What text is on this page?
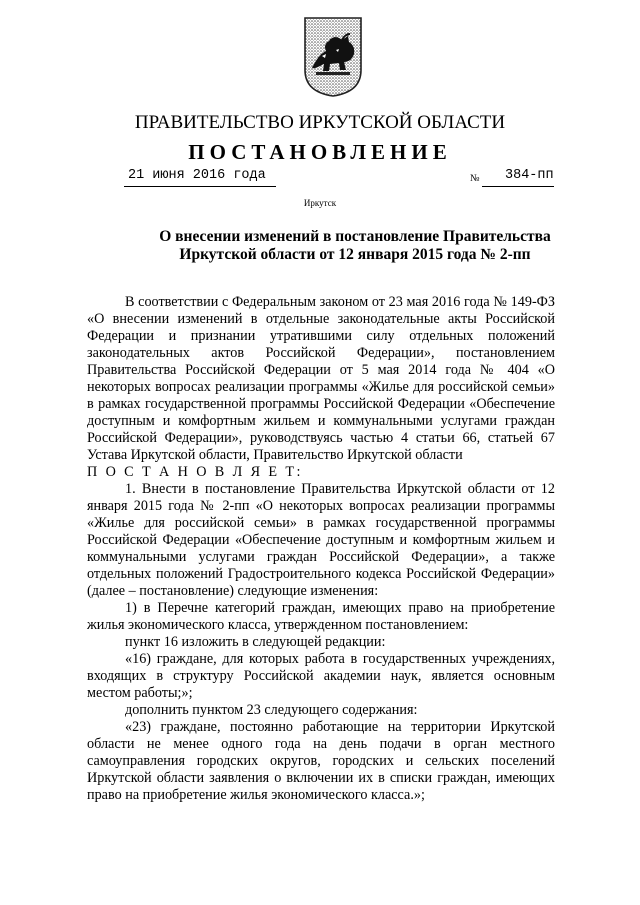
ПРАВИТЕЛЬСТВО ИРКУТСКОЙ ОБЛАСТИ
ПОСТАНОВЛЕНИЕ
21 июня 2016 года	№ 384-пп
Иркутск
О внесении изменений в постановление Правительства
Иркутской области от 12 января 2015 года № 2-пп

В соответствии с Федеральным законом от 23 мая 2016 года № 149-ФЗ «О внесении изменений в отдельные законодательные акты Российской Федерации и признании утратившими силу отдельных положений законодательных актов Российской Федерации», постановлением Правительства Российской Федерации от 5 мая 2014 года № 404 «О некоторых вопросах реализации программы «Жилье для российской семьи» в рамках государственной программы Российской Федерации «Обеспечение доступным и комфортным жильем и коммунальными услугами граждан Российской Федерации», руководствуясь частью 4 статьи 66, статьей 67 Устава Иркутской области, Правительство Иркутской области

П О С Т А Н О В Л Я Е Т:

1. Внести в постановление Правительства Иркутской области от 12 января 2015 года № 2-пп «О некоторых вопросах реализации программы «Жилье для российской семьи» в рамках государственной программы Российской Федерации «Обеспечение доступным и комфортным жильем и коммунальными услугами граждан Российской Федерации», а также отдельных положений Градостроительного кодекса Российской Федерации» (далее – постановление) следующие изменения:

1) в Перечне категорий граждан, имеющих право на приобретение жилья экономического класса, утвержденном постановлением:

пункт 16 изложить в следующей редакции:

«16) граждане, для которых работа в государственных учреждениях, входящих в структуру Российской академии наук, является основным местом работы;»;

дополнить пунктом 23 следующего содержания:

«23) граждане, постоянно работающие на территории Иркутской области не менее одного года на день подачи в орган местного самоуправления городских округов, городских и сельских поселений Иркутской области заявления о включении их в списки граждан, имеющих право на приобретение жилья экономического класса.»;
